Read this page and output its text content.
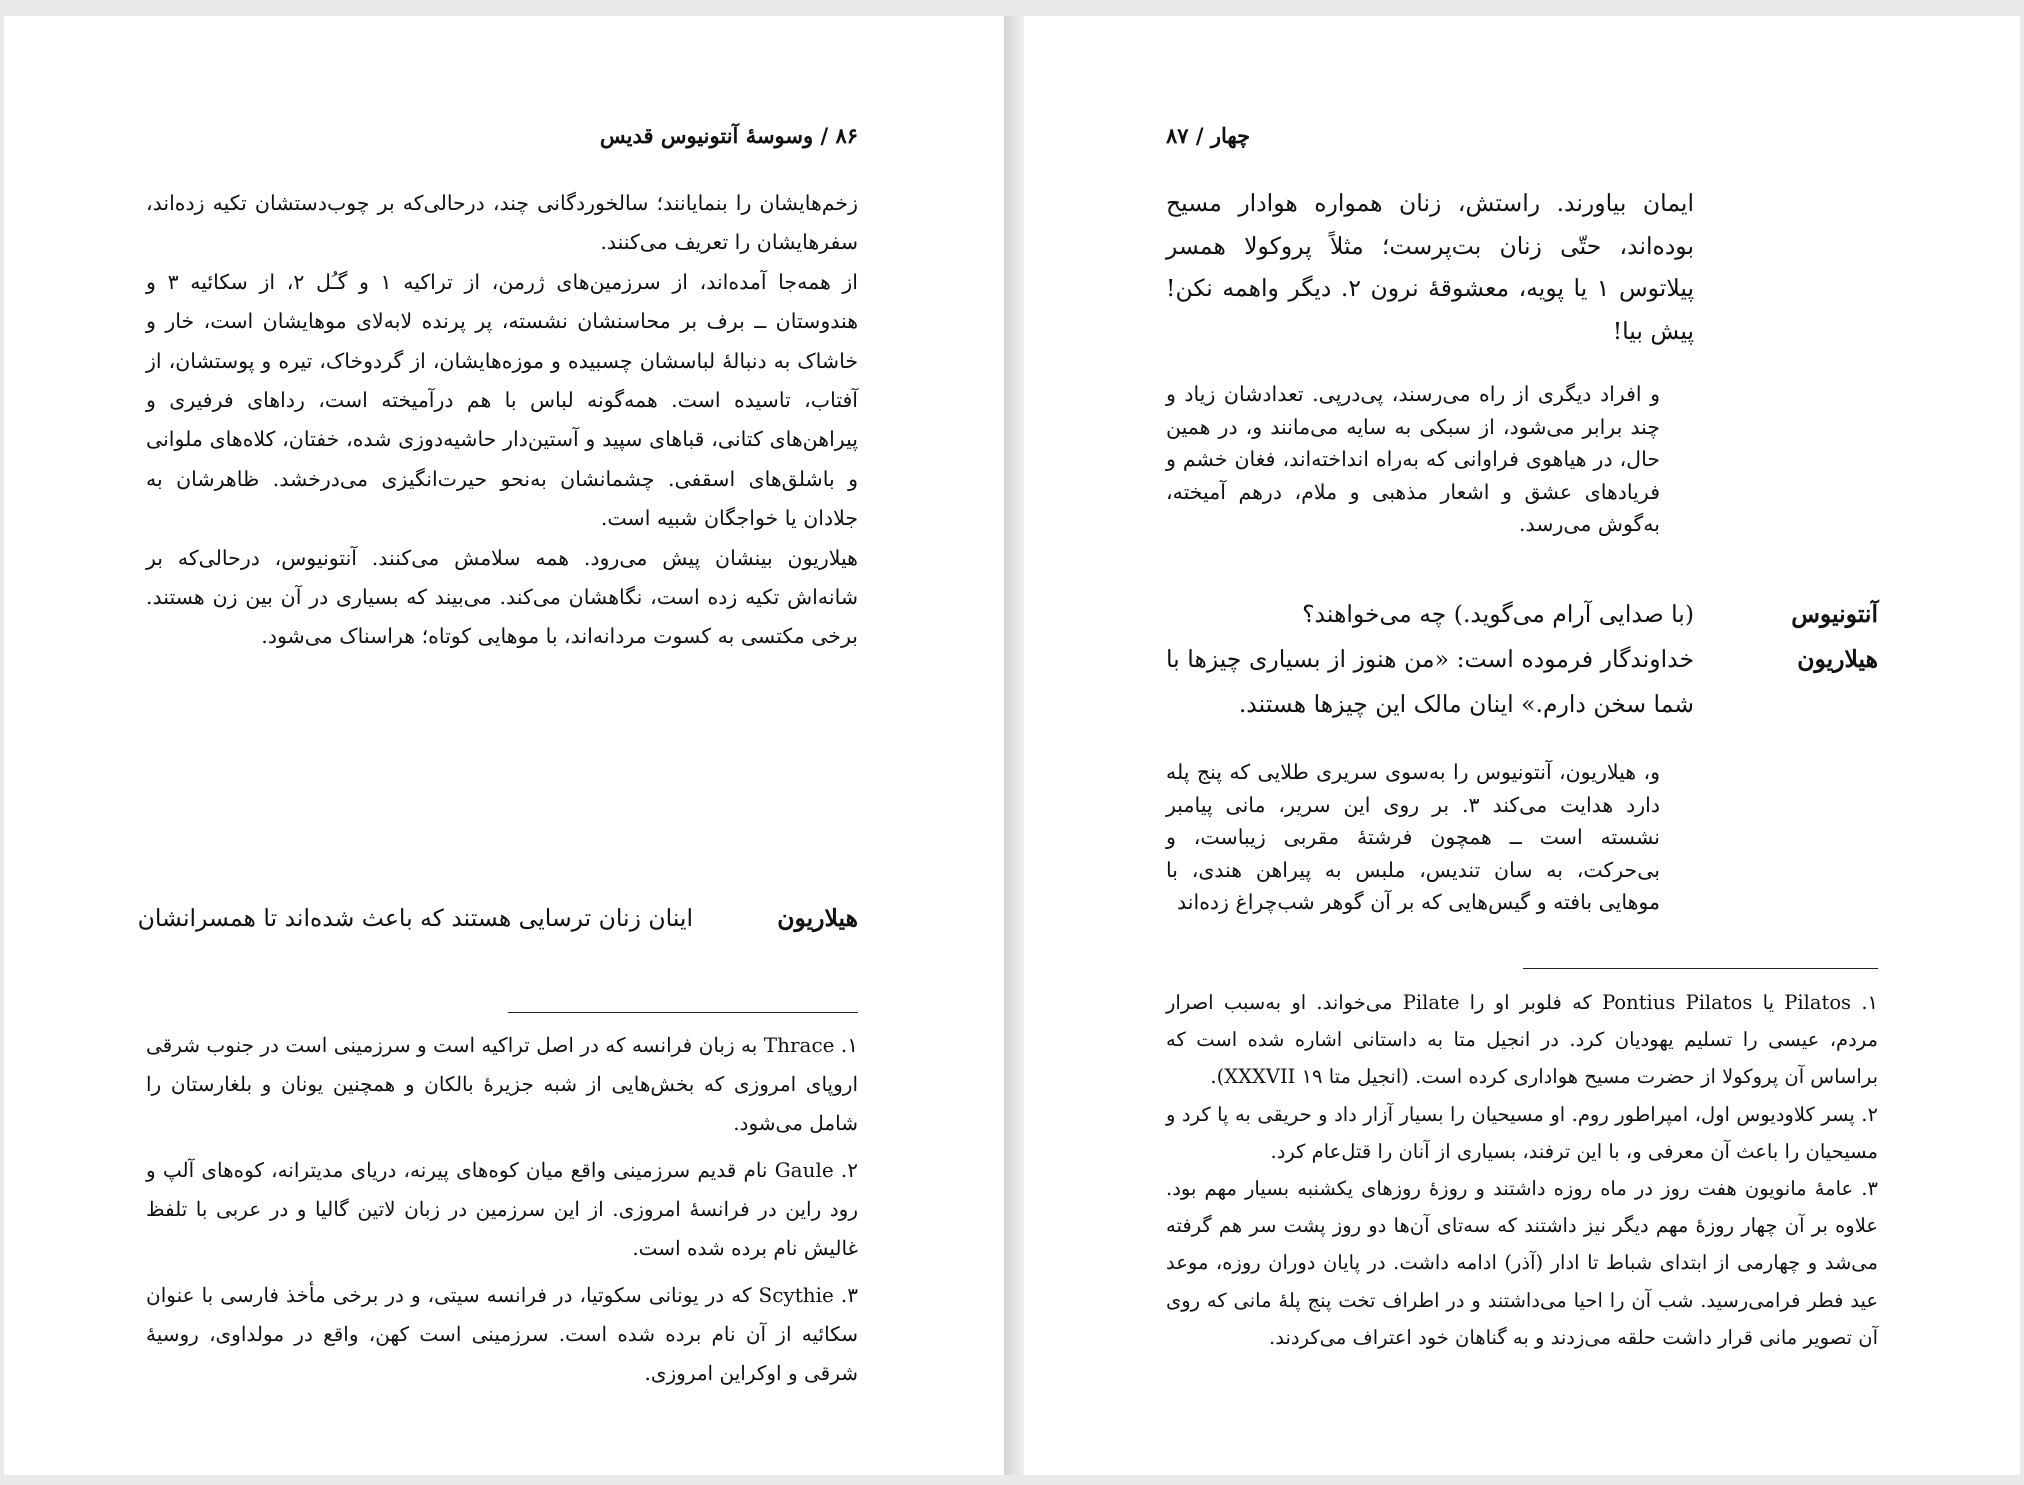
۸۶ / وسوسهٔ آنتونیوس قدیس

زخم‌هایشان را بنمایانند؛ سالخوردگانی چند، درحالی‌که بر چوب‌دستشان تکیه زده‌اند، سفرهایشان را تعریف می‌کنند.

از همه‌جا آمده‌اند، از سرزمین‌های ژرمن، از تراکیه ۱ و گـُل ۲، از سکائیه ۳ و هندوستان ــ برف بر محاسنشان نشسته، پر پرنده لابه‌لای موهایشان است، خار و خاشاک به دنبالهٔ لباسشان چسبیده و موزه‌هایشان، از گردوخاک، تیره و پوستشان، از آفتاب، تاسیده است. همه‌گونه لباس با هم درآمیخته است، رداهای فرفیری و پیراهن‌های کتانی، قباهای سپید و آستین‌دار حاشیه‌دوزی شده، خفتان، کلاه‌های ملوانی و باشلق‌های اسقفی. چشمانشان به‌نحو حیرت‌انگیزی می‌درخشد. ظاهرشان به جلادان یا خواجگان شبیه است.

هیلاریون بینشان پیش می‌رود. همه سلامش می‌کنند. آنتونیوس، درحالی‌که بر شانه‌اش تکیه زده است، نگاهشان می‌کند. می‌بیند که بسیاری در آن بین زن هستند. برخی مکتسی به کسوت مردانه‌اند، با موهایی کوتاه؛ هراسناک می‌شود.

هیلاریون
اینان زنان ترسایی هستند که باعث شده‌اند تا همسرانشان

۱. Thrace به زبان فرانسه که در اصل تراکیه است و سرزمینی است در جنوب شرقی اروپای امروزی که بخش‌هایی از شبه جزیرهٔ بالکان و همچنین یونان و بلغارستان را شامل می‌شود.

۲. Gaule نام قدیم سرزمینی واقع میان کوه‌های پیرنه، دریای مدیترانه، کوه‌های آلپ و رود راین در فرانسهٔ امروزی. از این سرزمین در زبان لاتین گالیا و در عربی با تلفظ غالیش نام برده شده است.

۳. Scythie که در یونانی سکوتیا، در فرانسه سیتی، و در برخی مأخذ فارسی با عنوان سکائیه از آن نام برده شده است. سرزمینی است کهن، واقع در مولداوی، روسیهٔ شرقی و اوکراین امروزی.

چهار / ۸۷

ایمان بیاورند. راستش، زنان همواره هوادار مسیح بوده‌اند، حتّی زنان بت‌پرست؛ مثلاً پروکولا همسر پیلاتوس ۱ یا پویه، معشوقهٔ نرون ۲. دیگر واهمه نکن! پیش بیا!

و افراد دیگری از راه می‌رسند، پی‌درپی. تعدادشان زیاد و چند برابر می‌شود، از سبکی به سایه می‌مانند و، در همین حال، در هیاهوی فراوانی که به‌راه انداخته‌اند، فغان خشم و فریادهای عشق و اشعار مذهبی و ملام، درهم آمیخته، به‌گوش می‌رسد.

آنتونیوس
(با صدایی آرام می‌گوید.) چه می‌خواهند؟
هیلاریون
خداوندگار فرموده است: «من هنوز از بسیاری چیزها با شما سخن دارم.» اینان مالک این چیزها هستند.

و، هیلاریون، آنتونیوس را به‌سوی سریری طلایی که پنج پله دارد هدایت می‌کند ۳. بر روی این سریر، مانی پیامبر نشسته است ــ همچون فرشتهٔ مقربی زیباست، و بی‌حرکت، به سان تندیس، ملبس به پیراهن هندی، با موهایی بافته و گیس‌هایی که بر آن گوهر شب‌چراغ زده‌اند

۱. Pilatos یا Pontius Pilatos که فلوبر او را Pilate می‌خواند. او به‌سبب اصرار مردم، عیسی را تسلیم یهودیان کرد. در انجیل متا به داستانی اشاره شده است که براساس آن پروکولا از حضرت مسیح هواداری کرده است. (انجیل متا ۱۹ XXXVII).

۲. پسر کلاودیوس اول، امپراطور روم. او مسیحیان را بسیار آزار داد و حریقی به پا کرد و مسیحیان را باعث آن معرفی و، با این ترفند، بسیاری از آنان را قتل‌عام کرد.

۳. عامهٔ مانویون هفت روز در ماه روزه داشتند و روزهٔ روزهای یکشنبه بسیار مهم بود. علاوه بر آن چهار روزهٔ مهم دیگر نیز داشتند که سه‌تای آن‌ها دو روز پشت سر هم گرفته می‌شد و چهارمی از ابتدای شباط تا ادار (آذر) ادامه داشت. در پایان دوران روزه، موعد عید فطر فرامی‌رسید. شب آن را احیا می‌داشتند و در اطراف تخت پنج پلهٔ مانی که روی آن تصویر مانی قرار داشت حلقه می‌زدند و به گناهان خود اعتراف می‌کردند.
